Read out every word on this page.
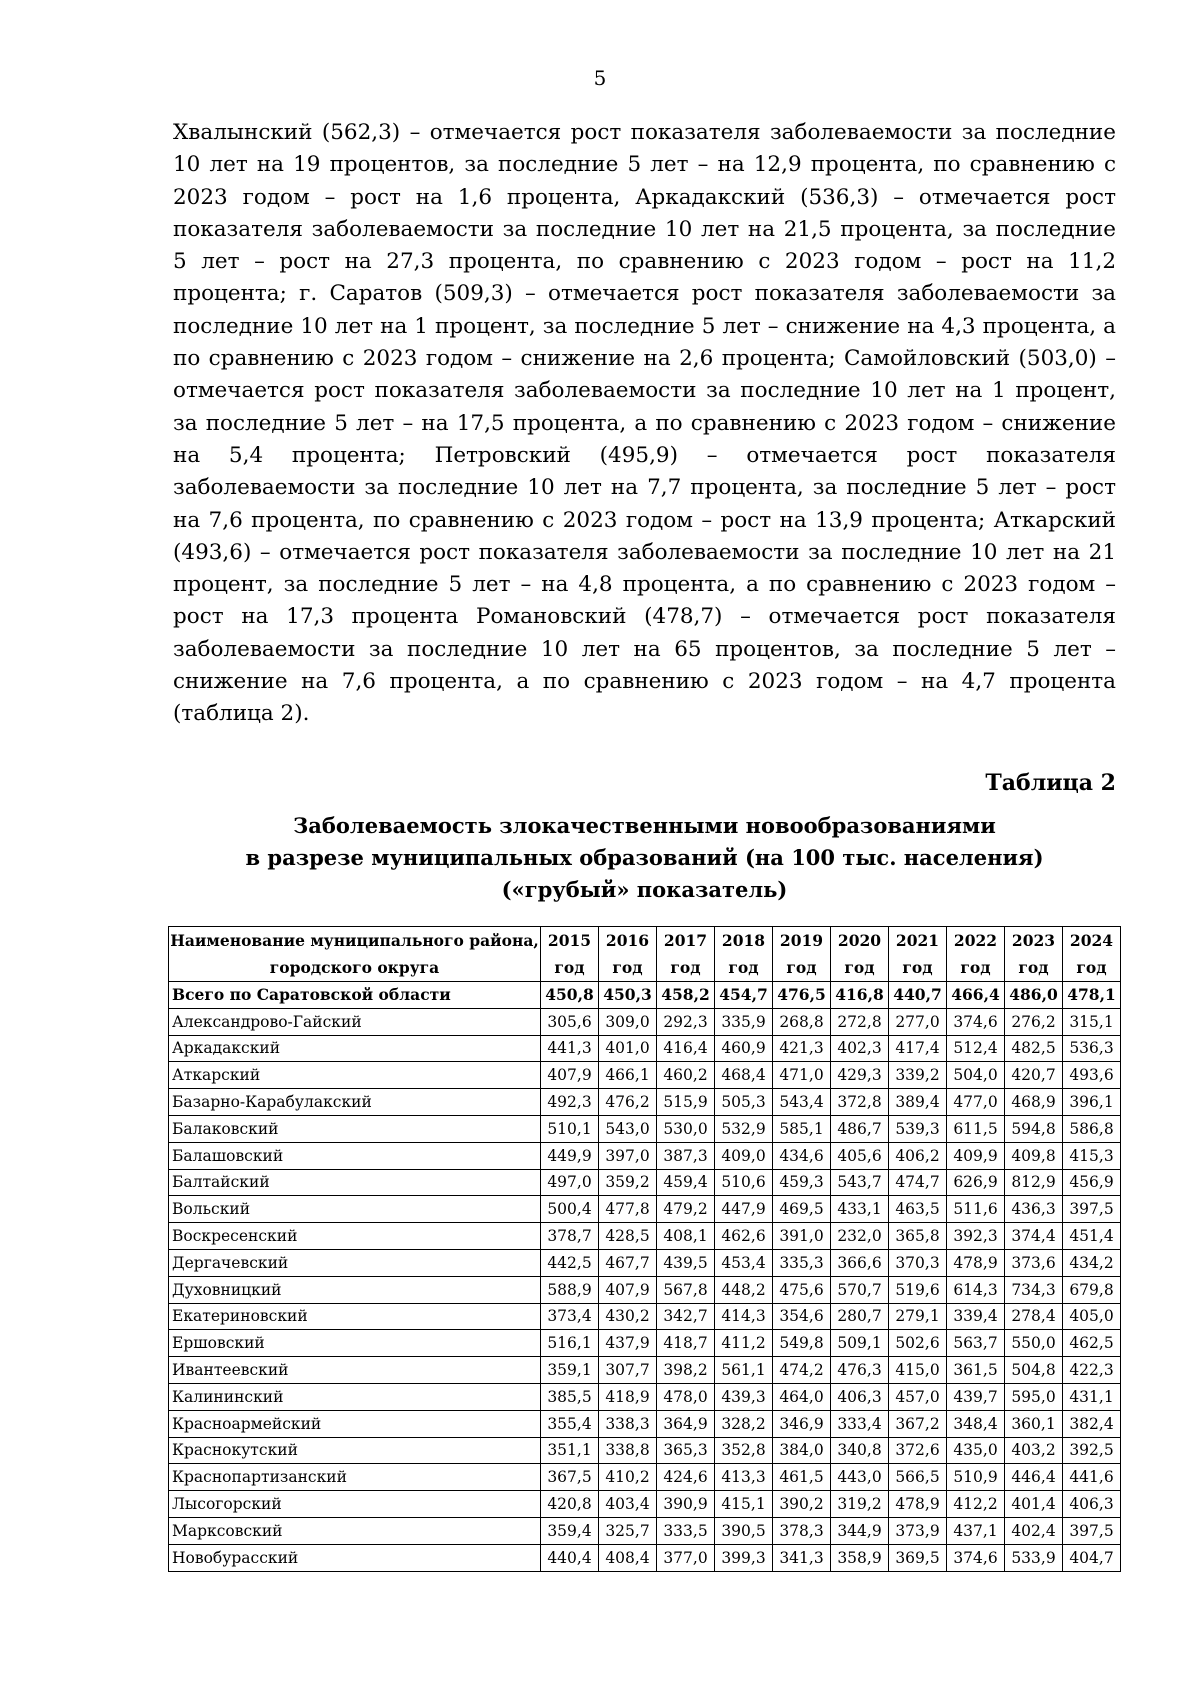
5
Хвалынский (562,3) – отмечается рост показателя заболеваемости за последние 10 лет на 19 процентов, за последние 5 лет – на 12,9 процента, по сравнению с 2023 годом – рост на 1,6 процента, Аркадакский (536,3) – отмечается рост показателя заболеваемости за последние 10 лет на 21,5 процента, за последние 5 лет – рост на 27,3 процента, по сравнению с 2023 годом – рост на 11,2 процента; г. Саратов (509,3) – отмечается рост показателя заболеваемости за последние 10 лет на 1 процент, за последние 5 лет – снижение на 4,3 процента, а по сравнению с 2023 годом – снижение на 2,6 процента; Самойловский (503,0) – отмечается рост показателя заболеваемости за последние 10 лет на 1 процент, за последние 5 лет – на 17,5 процента, а по сравнению с 2023 годом – снижение на 5,4 процента; Петровский (495,9) – отмечается рост показателя заболеваемости за последние 10 лет на 7,7 процента, за последние 5 лет – рост на 7,6 процента, по сравнению с 2023 годом – рост на 13,9 процента; Аткарский (493,6) – отмечается рост показателя заболеваемости за последние 10 лет на 21 процент, за последние 5 лет – на 4,8 процента, а по сравнению с 2023 годом – рост на 17,3 процента Романовский (478,7) – отмечается рост показателя заболеваемости за последние 10 лет на 65 процентов, за последние 5 лет – снижение на 7,6 процента, а по сравнению с 2023 годом – на 4,7 процента (таблица 2).
Таблица 2
Заболеваемость злокачественными новообразованиями
в разрезе муниципальных образований (на 100 тыс. населения)
(«грубый» показатель)
Наименование муниципального района, городского округа	2015 год	2016 год	2017 год	2018 год	2019 год	2020 год	2021 год	2022 год	2023 год	2024 год
Всего по Саратовской области	450,8	450,3	458,2	454,7	476,5	416,8	440,7	466,4	486,0	478,1
Александрово-Гайский	305,6	309,0	292,3	335,9	268,8	272,8	277,0	374,6	276,2	315,1
Аркадакский	441,3	401,0	416,4	460,9	421,3	402,3	417,4	512,4	482,5	536,3
Аткарский	407,9	466,1	460,2	468,4	471,0	429,3	339,2	504,0	420,7	493,6
Базарно-Карабулакский	492,3	476,2	515,9	505,3	543,4	372,8	389,4	477,0	468,9	396,1
Балаковский	510,1	543,0	530,0	532,9	585,1	486,7	539,3	611,5	594,8	586,8
Балашовский	449,9	397,0	387,3	409,0	434,6	405,6	406,2	409,9	409,8	415,3
Балтайский	497,0	359,2	459,4	510,6	459,3	543,7	474,7	626,9	812,9	456,9
Вольский	500,4	477,8	479,2	447,9	469,5	433,1	463,5	511,6	436,3	397,5
Воскресенский	378,7	428,5	408,1	462,6	391,0	232,0	365,8	392,3	374,4	451,4
Дергачевский	442,5	467,7	439,5	453,4	335,3	366,6	370,3	478,9	373,6	434,2
Духовницкий	588,9	407,9	567,8	448,2	475,6	570,7	519,6	614,3	734,3	679,8
Екатериновский	373,4	430,2	342,7	414,3	354,6	280,7	279,1	339,4	278,4	405,0
Ершовский	516,1	437,9	418,7	411,2	549,8	509,1	502,6	563,7	550,0	462,5
Ивантеевский	359,1	307,7	398,2	561,1	474,2	476,3	415,0	361,5	504,8	422,3
Калининский	385,5	418,9	478,0	439,3	464,0	406,3	457,0	439,7	595,0	431,1
Красноармейский	355,4	338,3	364,9	328,2	346,9	333,4	367,2	348,4	360,1	382,4
Краснокутский	351,1	338,8	365,3	352,8	384,0	340,8	372,6	435,0	403,2	392,5
Краснопартизанский	367,5	410,2	424,6	413,3	461,5	443,0	566,5	510,9	446,4	441,6
Лысогорский	420,8	403,4	390,9	415,1	390,2	319,2	478,9	412,2	401,4	406,3
Марксовский	359,4	325,7	333,5	390,5	378,3	344,9	373,9	437,1	402,4	397,5
Новобурасский	440,4	408,4	377,0	399,3	341,3	358,9	369,5	374,6	533,9	404,7
